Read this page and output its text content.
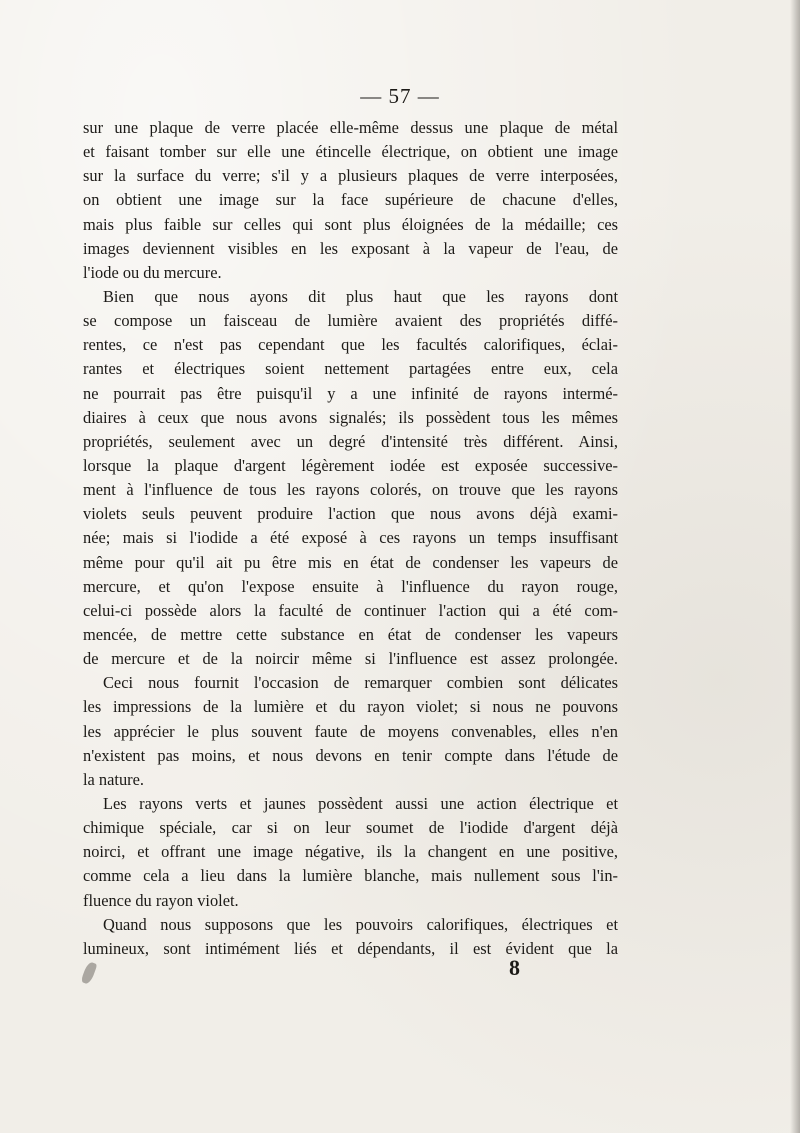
— 57 —
sur une plaque de verre placée elle-même dessus une plaque de métal
et faisant tomber sur elle une étincelle électrique, on obtient une image
sur la surface du verre; s'il y a plusieurs plaques de verre interposées,
on obtient une image sur la face supérieure de chacune d'elles,
mais plus faible sur celles qui sont plus éloignées de la médaille; ces
images deviennent visibles en les exposant à la vapeur de l'eau, de
l'iode ou du mercure.
Bien que nous ayons dit plus haut que les rayons dont
se compose un faisceau de lumière avaient des propriétés diffé-
rentes, ce n'est pas cependant que les facultés calorifiques, éclai-
rantes et électriques soient nettement partagées entre eux, cela
ne pourrait pas être puisqu'il y a une infinité de rayons intermé-
diaires à ceux que nous avons signalés; ils possèdent tous les mêmes
propriétés, seulement avec un degré d'intensité très différent. Ainsi,
lorsque la plaque d'argent légèrement iodée est exposée successive-
ment à l'influence de tous les rayons colorés, on trouve que les rayons
violets seuls peuvent produire l'action que nous avons déjà exami-
née; mais si l'iodide a été exposé à ces rayons un temps insuffisant
même pour qu'il ait pu être mis en état de condenser les vapeurs de
mercure, et qu'on l'expose ensuite à l'influence du rayon rouge,
celui-ci possède alors la faculté de continuer l'action qui a été com-
mencée, de mettre cette substance en état de condenser les vapeurs
de mercure et de la noircir même si l'influence est assez prolongée.
Ceci nous fournit l'occasion de remarquer combien sont délicates
les impressions de la lumière et du rayon violet; si nous ne pouvons
les apprécier le plus souvent faute de moyens convenables, elles n'en
n'existent pas moins, et nous devons en tenir compte dans l'étude de
la nature.
Les rayons verts et jaunes possèdent aussi une action électrique et
chimique spéciale, car si on leur soumet de l'iodide d'argent déjà
noirci, et offrant une image négative, ils la changent en une positive,
comme cela a lieu dans la lumière blanche, mais nullement sous l'in-
fluence du rayon violet.
Quand nous supposons que les pouvoirs calorifiques, électriques et
lumineux, sont intimément liés et dépendants, il est évident que la
8
